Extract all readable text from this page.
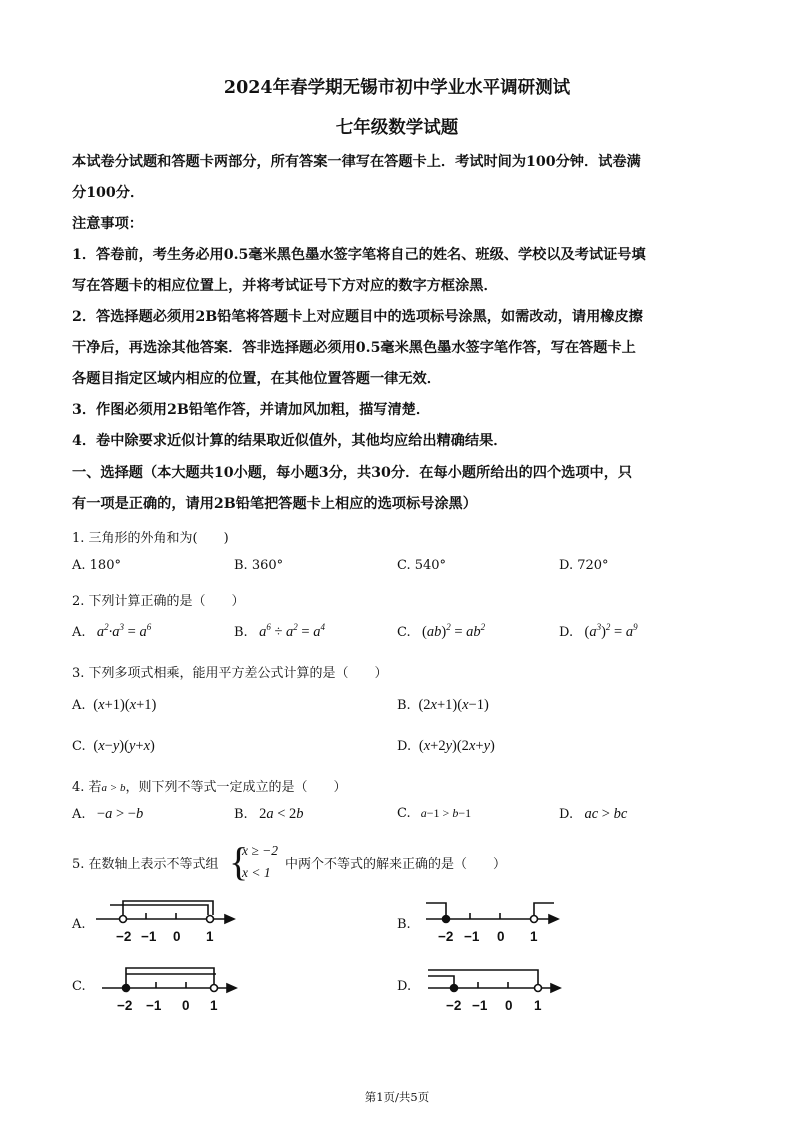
2024年春学期无锡市初中学业水平调研测试
七年级数学试题
本试卷分试题和答题卡两部分，所有答案一律写在答题卡上．考试时间为100分钟．试卷满
分100分．
注意事项：
1．答卷前，考生务必用0.5毫米黑色墨水签字笔将自己的姓名、班级、学校以及考试证号填
写在答题卡的相应位置上，并将考试证号下方对应的数字方框涂黑．
2．答选择题必须用2B铅笔将答题卡上对应题目中的选项标号涂黑，如需改动，请用橡皮擦
干净后，再选涂其他答案．答非选择题必须用0.5毫米黑色墨水签字笔作答，写在答题卡上
各题目指定区域内相应的位置，在其他位置答题一律无效．
3．作图必须用2B铅笔作答，并请加风加粗，描写清楚．
4．卷中除要求近似计算的结果取近似值外，其他均应给出精确结果．
一、选择题（本大题共10小题，每小题3分，共30分．在每小题所给出的四个选项中，只
有一项是正确的，请用2B铅笔把答题卡上相应的选项标号涂黑）
1. 三角形的外角和为(　　)
A. 180°	B. 360°	C. 540°	D. 720°
2. 下列计算正确的是（　　）
A.   $a^2\cdot a^3 = a^6$	B.   $a^6 \div a^2 = a^4$	C. $(ab)^2 = ab^2$	D. $(a^3)^2 = a^9$
3. 下列多项式相乘，能用平方差公式计算的是（　　）
A. (x+1)(x+1)	B. (2x+1)(x−1)
C. (x−y)(y+x)	D. (x+2y)(2x+y)
4. 若a > b，则下列不等式一定成立的是（　　）
A. −a > −b	B. 2a < 2b	C.   a−1 > b−1	D.   ac > bc
5. 在数轴上表示不等式组 {
x ≥ −2
x < 1
中两个不等式的解来正确的是（　　）
A.
−2 −1 0 1
B.
−2 −1 0 1
C.
−2 −1 0 1
D.
−2 −1 0 1
第1页/共5页
